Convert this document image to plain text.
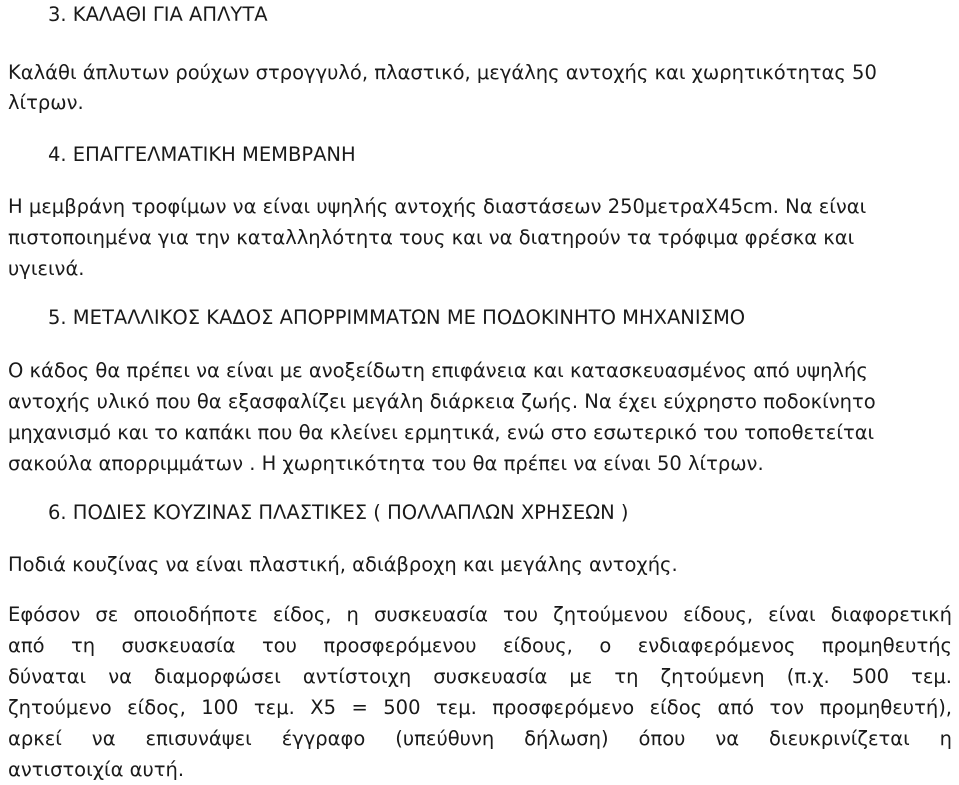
3. ΚΑΛΑΘΙ ΓΙΑ ΑΠΛΥΤΑ
Καλάθι άπλυτων ρούχων στρογγυλό, πλαστικό, μεγάλης αντοχής και χωρητικότητας 50
λίτρων.
4. ΕΠΑΓΓΕΛΜΑΤΙΚΗ ΜΕΜΒΡΑΝΗ
Η μεμβράνη τροφίμων να είναι υψηλής αντοχής διαστάσεων 250μετραΧ45cm. Να είναι
πιστοποιημένα για την καταλληλότητα τους και να διατηρούν τα τρόφιμα φρέσκα και
υγιεινά.
5. ΜΕΤΑΛΛΙΚΟΣ ΚΑΔΟΣ ΑΠΟΡΡΙΜΜΑΤΩΝ ΜΕ ΠΟΔΟΚΙΝΗΤΟ ΜΗΧΑΝΙΣΜΟ
Ο κάδος θα πρέπει να είναι με ανοξείδωτη επιφάνεια και κατασκευασμένος από υψηλής
αντοχής υλικό που θα εξασφαλίζει μεγάλη διάρκεια ζωής. Να έχει εύχρηστο ποδοκίνητο
μηχανισμό και το καπάκι που θα κλείνει ερμητικά, ενώ στο εσωτερικό του τοποθετείται
σακούλα απορριμμάτων . Η χωρητικότητα του θα πρέπει να είναι 50 λίτρων.
6. ΠΟΔΙΕΣ ΚΟΥΖΙΝΑΣ ΠΛΑΣΤΙΚΕΣ ( ΠΟΛΛΑΠΛΩΝ ΧΡΗΣΕΩΝ )
Ποδιά κουζίνας να είναι πλαστική, αδιάβροχη και μεγάλης αντοχής.
Εφόσον σε οποιοδήποτε είδος, η συσκευασία του ζητούμενου είδους, είναι διαφορετική
από τη συσκευασία του προσφερόμενου είδους, ο ενδιαφερόμενος προμηθευτής
δύναται να διαμορφώσει αντίστοιχη συσκευασία με τη ζητούμενη (π.χ. 500 τεμ.
ζητούμενο είδος, 100 τεμ. Χ5 = 500 τεμ. προσφερόμενο είδος από τον προμηθευτή),
αρκεί να επισυνάψει έγγραφο (υπεύθυνη δήλωση) όπου να διευκρινίζεται η
αντιστοιχία αυτή.
